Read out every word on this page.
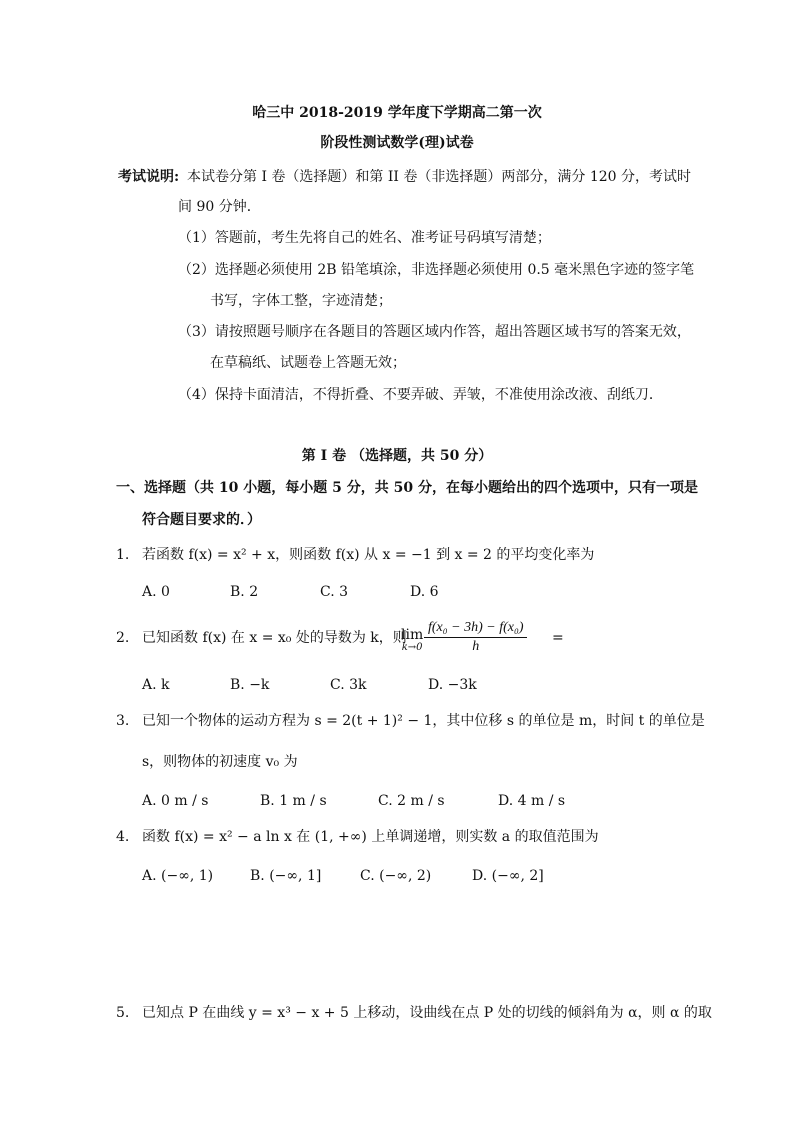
哈三中 2018-2019 学年度下学期高二第一次
阶段性测试数学(理)试卷
考试说明: 本试卷分第 I 卷（选择题）和第 II 卷（非选择题）两部分，满分 120 分，考试时
间 90 分钟．
（1）答题前，考生先将自己的姓名、准考证号码填写清楚；
（2）选择题必须使用 2B 铅笔填涂，非选择题必须使用 0.5 毫米黑色字迹的签字笔
书写，字体工整，字迹清楚；
（3）请按照题号顺序在各题目的答题区域内作答，超出答题区域书写的答案无效，
在草稿纸、试题卷上答题无效；
（4）保持卡面清洁，不得折叠、不要弄破、弄皱，不准使用涂改液、刮纸刀．
第 I 卷 （选择题，共 50 分）
一、选择题（共 10 小题，每小题 5 分，共 50 分，在每小题给出的四个选项中，只有一项是
符合题目要求的．）
1. 若函数 f(x) = x² + x，则函数 f(x) 从 x = −1 到 x = 2 的平均变化率为
A. 0	B. 2	C. 3	D. 6
2. 已知函数 f(x) 在 x = x₀ 处的导数为 k，则
lim
$k\to 0 \frac{\text{f(x₀ − 3h) − f(x₀)}}{h}$ =
A. k	B. −k	C. 3k	D. −3k
3. 已知一个物体的运动方程为 s = 2(t + 1)² − 1，其中位移 s 的单位是 m，时间 t 的单位是
s，则物体的初速度 v₀ 为
A. 0 m / s	B. 1 m / s	C. 2 m / s	D. 4 m / s
4. 函数 f(x) = x² − a ln x 在 (1, +∞) 上单调递增，则实数 a 的取值范围为
A. (−∞, 1)	B. (−∞, 1]	C. (−∞, 2)	D. (−∞, 2]
5. 已知点 P 在曲线 y = x³ − x + 5 上移动，设曲线在点 P 处的切线的倾斜角为 α，则 α 的取
